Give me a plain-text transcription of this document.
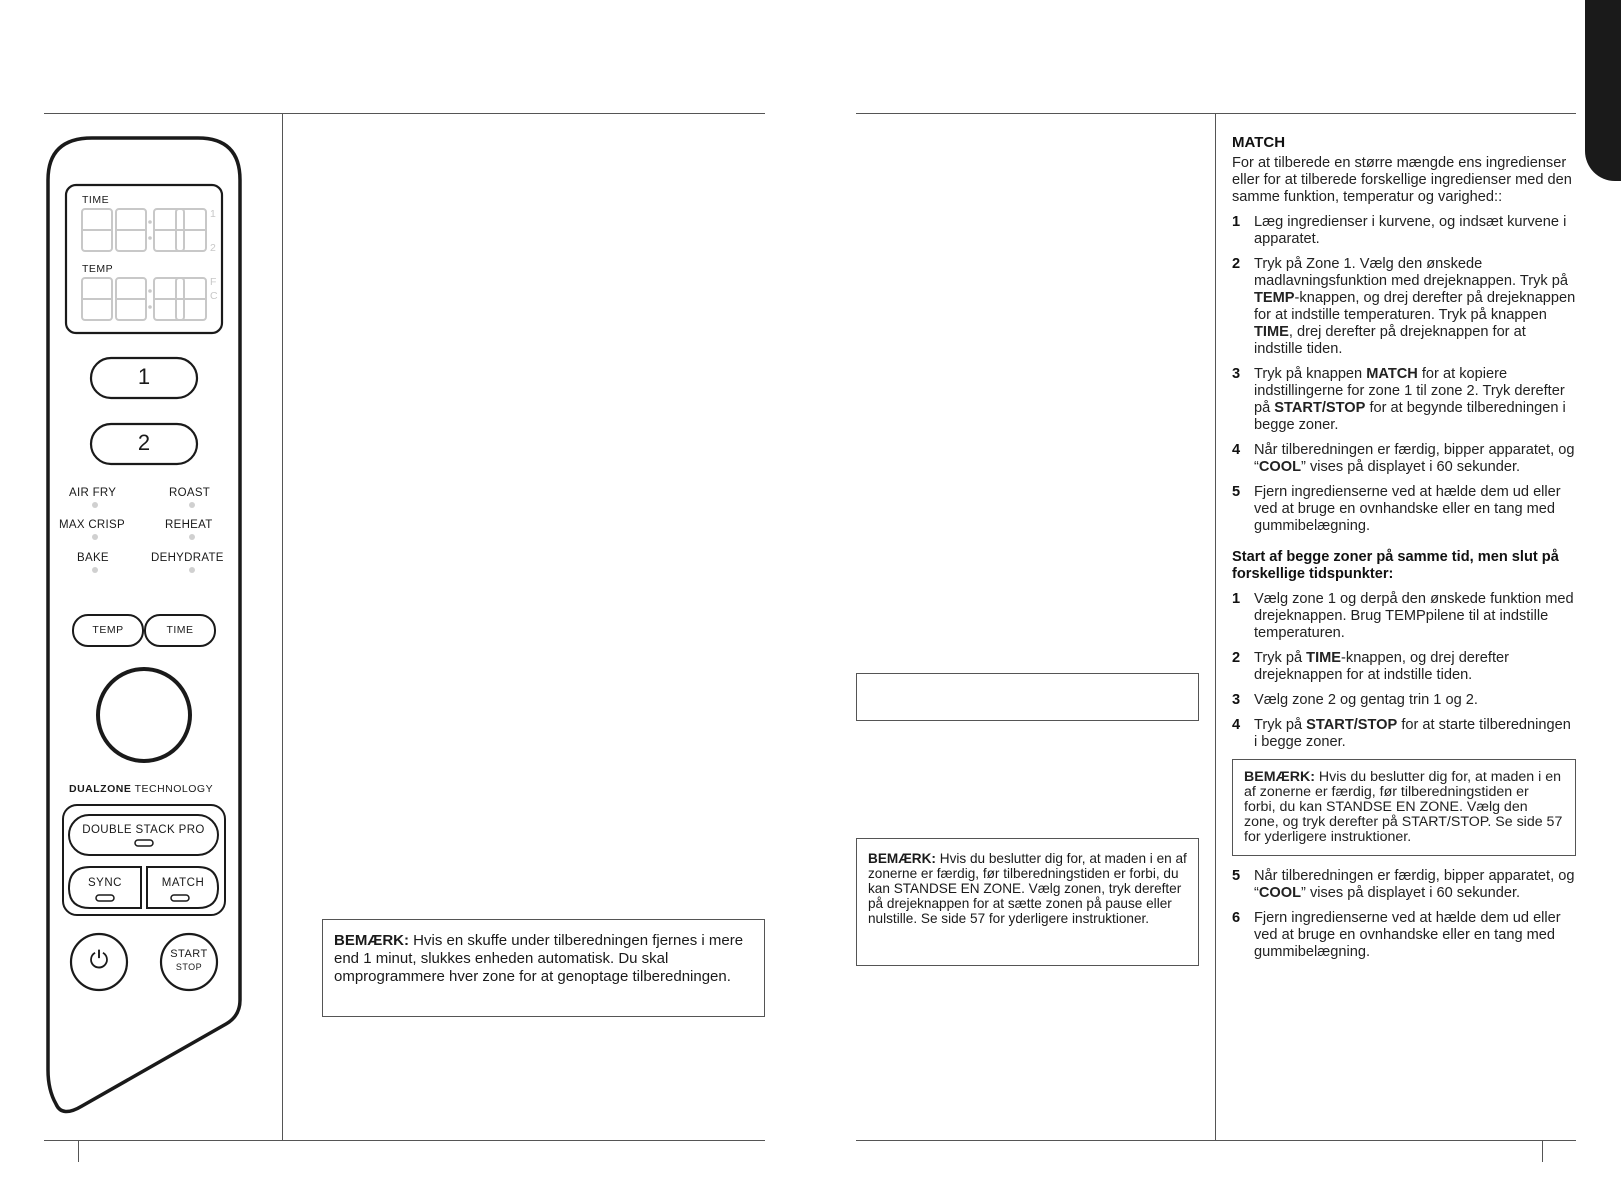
TIME
1
2
TEMP
F
C
1
2
AIR FRY	ROAST
MAX CRISP	REHEAT
BAKE	DEHYDRATE
TEMP	TIME
DUALZONE TECHNOLOGY
DOUBLE STACK PRO
SYNC	MATCH
⏻	START
STOP
BEMÆRK: Hvis en skuffe under tilberedningen fjernes i mere end 1 minut, slukkes enheden automatisk. Du skal omprogrammere hver zone for at genoptage tilberedningen.
BEMÆRK: Hvis du beslutter dig for, at maden i en af zonerne er færdig, før tilberedningstiden er forbi, du kan STANDSE EN ZONE. Vælg zonen, tryk derefter på drejeknappen for at sætte zonen på pause eller nulstille. Se side 57 for yderligere instruktioner.
MATCH

For at tilberede en større mængde ens ingredienser eller for at tilberede forskellige ingredienser med den samme funktion, temperatur og varighed::

1 Læg ingredienser i kurvene, og indsæt kurvene i apparatet.
2 Tryk på Zone 1. Vælg den ønskede madlavningsfunktion med drejeknappen. Tryk på TEMP-knappen, og drej derefter på drejeknappen for at indstille temperaturen. Tryk på knappen TIME, drej derefter på drejeknappen for at indstille tiden.
3 Tryk på knappen MATCH for at kopiere indstillingerne for zone 1 til zone 2. Tryk derefter på START/STOP for at begynde tilberedningen i begge zoner.
4 Når tilberedningen er færdig, bipper apparatet, og “COOL” vises på displayet i 60 sekunder.
5 Fjern ingredienserne ved at hælde dem ud eller ved at bruge en ovnhandske eller en tang med gummibelægning.
Start af begge zoner på samme tid, men slut på forskellige tidspunkter:
1 Vælg zone 1 og derpå den ønskede funktion med drejeknappen. Brug TEMPpilene til at indstille temperaturen.
2 Tryk på TIME-knappen, og drej derefter drejeknappen for at indstille tiden.
3 Vælg zone 2 og gentag trin 1 og 2.
4 Tryk på START/STOP for at starte tilberedningen i begge zoner.
BEMÆRK: Hvis du beslutter dig for, at maden i en af zonerne er færdig, før tilberedningstiden er forbi, du kan STANDSE EN ZONE. Vælg den zone, og tryk derefter på START/STOP. Se side 57 for yderligere instruktioner.
5 Når tilberedningen er færdig, bipper apparatet, og “COOL” vises på displayet i 60 sekunder.
6 Fjern ingredienserne ved at hælde dem ud eller ved at bruge en ovnhandske eller en tang med gummibelægning.
